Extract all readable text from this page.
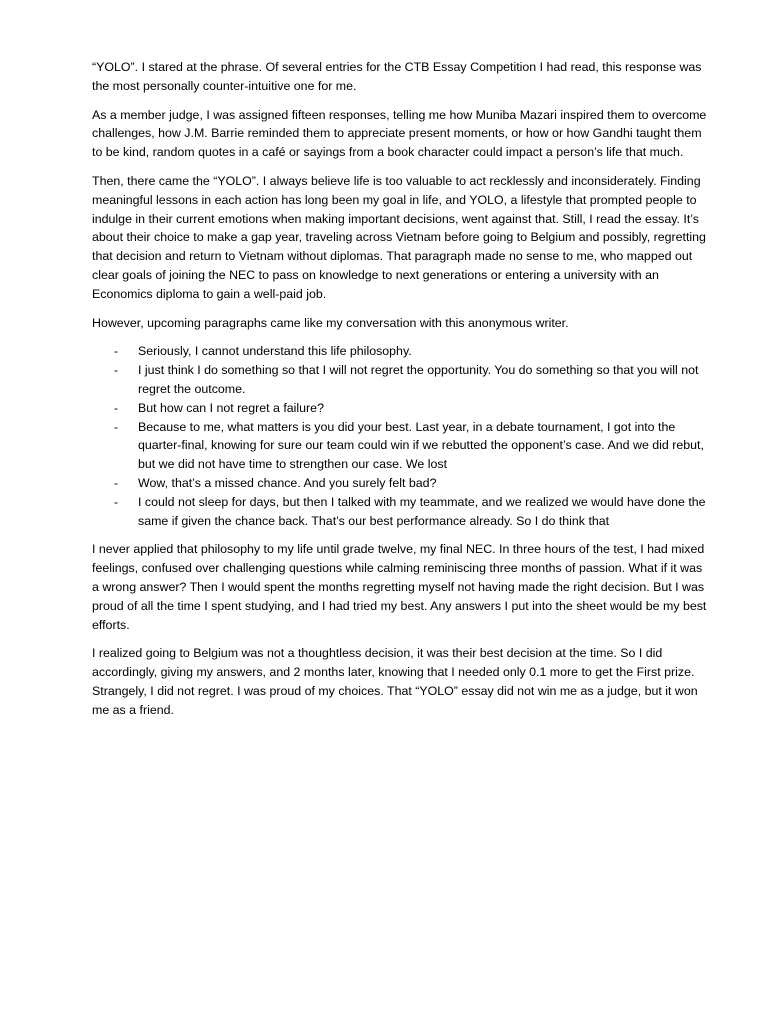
“YOLO”. I stared at the phrase. Of several entries for the CTB Essay Competition I had read, this response was the most personally counter-intuitive one for me.

As a member judge, I was assigned fifteen responses, telling me how Muniba Mazari inspired them to overcome challenges, how J.M. Barrie reminded them to appreciate present moments, or how or how Gandhi taught them to be kind, random quotes in a café or sayings from a book character could impact a person’s life that much.

Then, there came the “YOLO”. I always believe life is too valuable to act recklessly and inconsiderately. Finding meaningful lessons in each action has long been my goal in life, and YOLO, a lifestyle that prompted people to indulge in their current emotions when making important decisions, went against that. Still, I read the essay. It’s about their choice to make a gap year, traveling across Vietnam before going to Belgium and possibly, regretting that decision and return to Vietnam without diplomas. That paragraph made no sense to me, who mapped out clear goals of joining the NEC to pass on knowledge to next generations or entering a university with an Economics diploma to gain a well-paid job.

However, upcoming paragraphs came like my conversation with this anonymous writer.

- Seriously, I cannot understand this life philosophy.
- I just think I do something so that I will not regret the opportunity. You do something so that you will not regret the outcome.
- But how can I not regret a failure?
- Because to me, what matters is you did your best. Last year, in a debate tournament, I got into the quarter-final, knowing for sure our team could win if we rebutted the opponent’s case. And we did rebut, but we did not have time to strengthen our case. We lost
- Wow, that’s a missed chance. And you surely felt bad?
- I could not sleep for days, but then I talked with my teammate, and we realized we would have done the same if given the chance back. That’s our best performance already. So I do think that

I never applied that philosophy to my life until grade twelve, my final NEC. In three hours of the test, I had mixed feelings, confused over challenging questions while calming reminiscing three months of passion. What if it was a wrong answer? Then I would spent the months regretting myself not having made the right decision. But I was proud of all the time I spent studying, and I had tried my best. Any answers I put into the sheet would be my best efforts.

I realized going to Belgium was not a thoughtless decision, it was their best decision at the time. So I did accordingly, giving my answers, and 2 months later, knowing that I needed only 0.1 more to get the First prize. Strangely, I did not regret. I was proud of my choices. That “YOLO” essay did not win me as a judge, but it won me as a friend.
